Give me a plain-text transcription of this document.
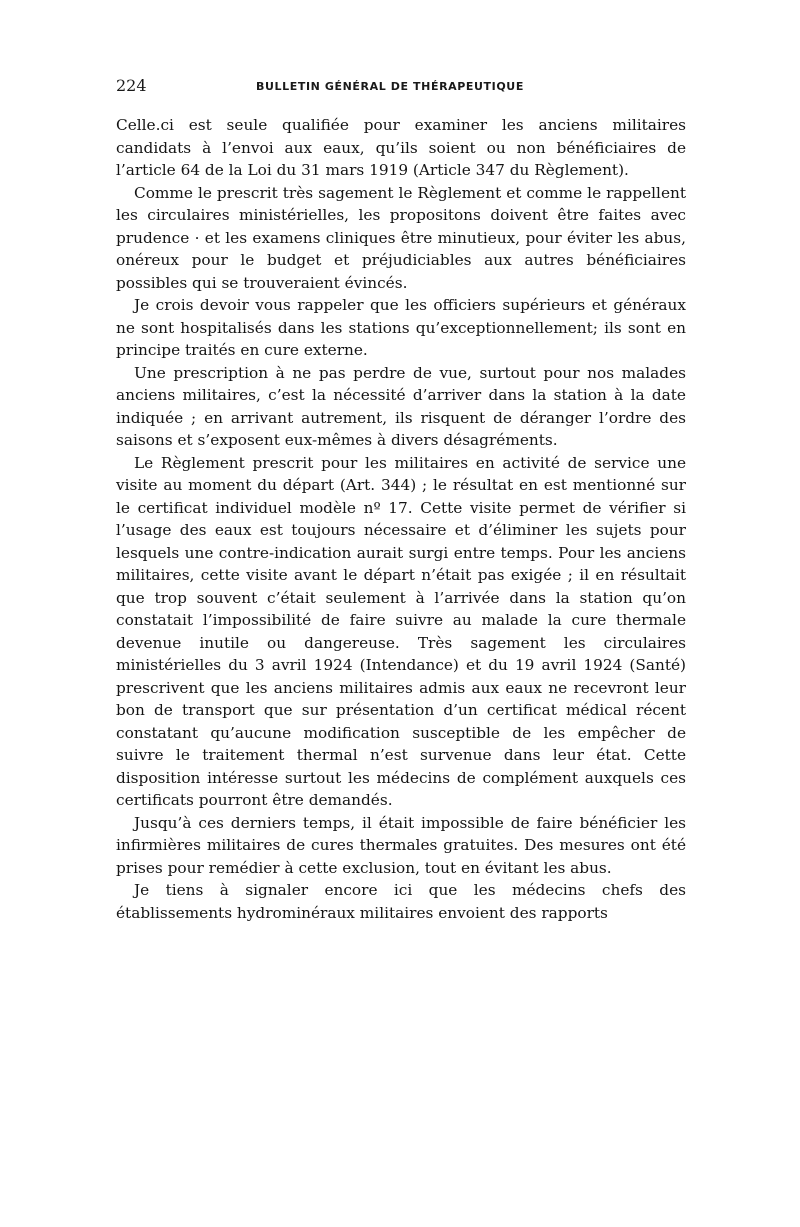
224	BULLETIN GÉNÉRAL DE THÉRAPEUTIQUE

Celle.ci est seule qualifiée pour examiner les anciens militaires candidats à l’envoi aux eaux, qu’ils soient ou non bénéficiaires de l’article 64 de la Loi du 31 mars 1919 (Article 347 du Règlement).

Comme le prescrit très sagement le Règlement et comme le rappellent les circulaires ministérielles, les propositons doivent être faites avec prudence · et les examens cliniques être minutieux, pour éviter les abus, onéreux pour le budget et préjudiciables aux autres bénéficiaires possibles qui se trouveraient évincés.

Je crois devoir vous rappeler que les officiers supérieurs et généraux ne sont hospitalisés dans les stations qu’exceptionnellement; ils sont en principe traités en cure externe.

Une prescription à ne pas perdre de vue, surtout pour nos malades anciens militaires, c’est la nécessité d’arriver dans la station à la date indiquée ; en arrivant autrement, ils risquent de déranger l’ordre des saisons et s’exposent eux-mêmes à divers désagréments.

Le Règlement prescrit pour les militaires en activité de service une visite au moment du départ (Art. 344) ; le résultat en est mentionné sur le certificat individuel modèle nº 17. Cette visite permet de vérifier si l’usage des eaux est toujours nécessaire et d’éliminer les sujets pour lesquels une contre-indication aurait surgi entre temps. Pour les anciens militaires, cette visite avant le départ n’était pas exigée ; il en résultait que trop souvent c’était seulement à l’arrivée dans la station qu’on constatait l’impossibilité de faire suivre au malade la cure thermale devenue inutile ou dangereuse. Très sagement les circulaires ministérielles du 3 avril 1924 (Intendance) et du 19 avril 1924 (Santé) prescrivent que les anciens militaires admis aux eaux ne recevront leur bon de transport que sur présentation d’un certificat médical récent constatant qu’aucune modification susceptible de les empêcher de suivre le traitement thermal n’est survenue dans leur état. Cette disposition intéresse surtout les médecins de complément auxquels ces certificats pourront être demandés.

Jusqu’à ces derniers temps, il était impossible de faire bénéficier les infirmières militaires de cures thermales gratuites. Des mesures ont été prises pour remédier à cette exclusion, tout en évitant les abus.

Je tiens à signaler encore ici que les médecins chefs des établissements hydrominéraux militaires envoient des rapports
